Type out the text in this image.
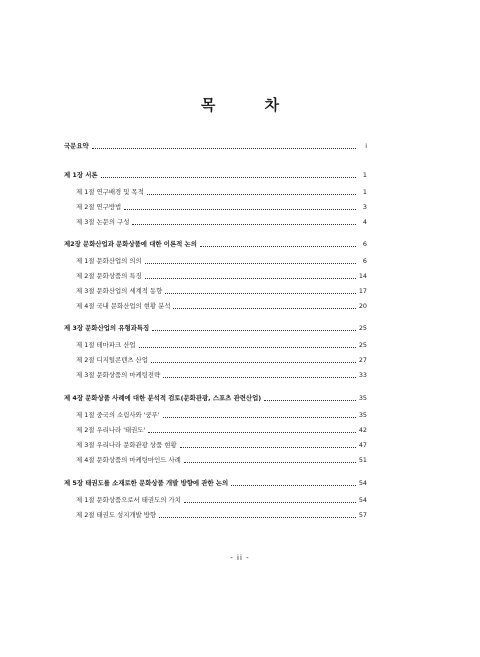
목 차
국문요약	i
제 1장 서론	1
제 1절 연구배경 및 목적	1
제 2절 연구방법	3
제 3절 논문의 구성	4
제2장 문화산업과 문화상품에 대한 이론적 논의	6
제 1절 문화산업의 의의	6
제 2절 문화상품의 특징	14
제 3절 문화산업의 세계적 동향	17
제 4절 국내 문화산업의 현황 분석	20
제 3장 문화산업의 유형과특징	25
제 1절 테마파크 산업	25
제 2절 디지털콘텐츠 산업	27
제 3절 문화상품의 마케팅전략	33
제 4장 문화상품 사례에 대한 분석적 검토(문화관광, 스포츠 관련산업)	35
제 1절 중국의 소림사와 '쿵푸'	35
제 2절 우리나라 '태권도'	42
제 3절 우리나라 문화관광 상품 현황	47
제 4절 문화상품의 마케팅마인드 사례	51
제 5장 태권도를 소재로한 문화상품 개발 방향에 관한 논의	54
제 1절 문화상품으로서 태권도의 가치	54
제 2절 태권도 성지개발 방향	57
- ii -
